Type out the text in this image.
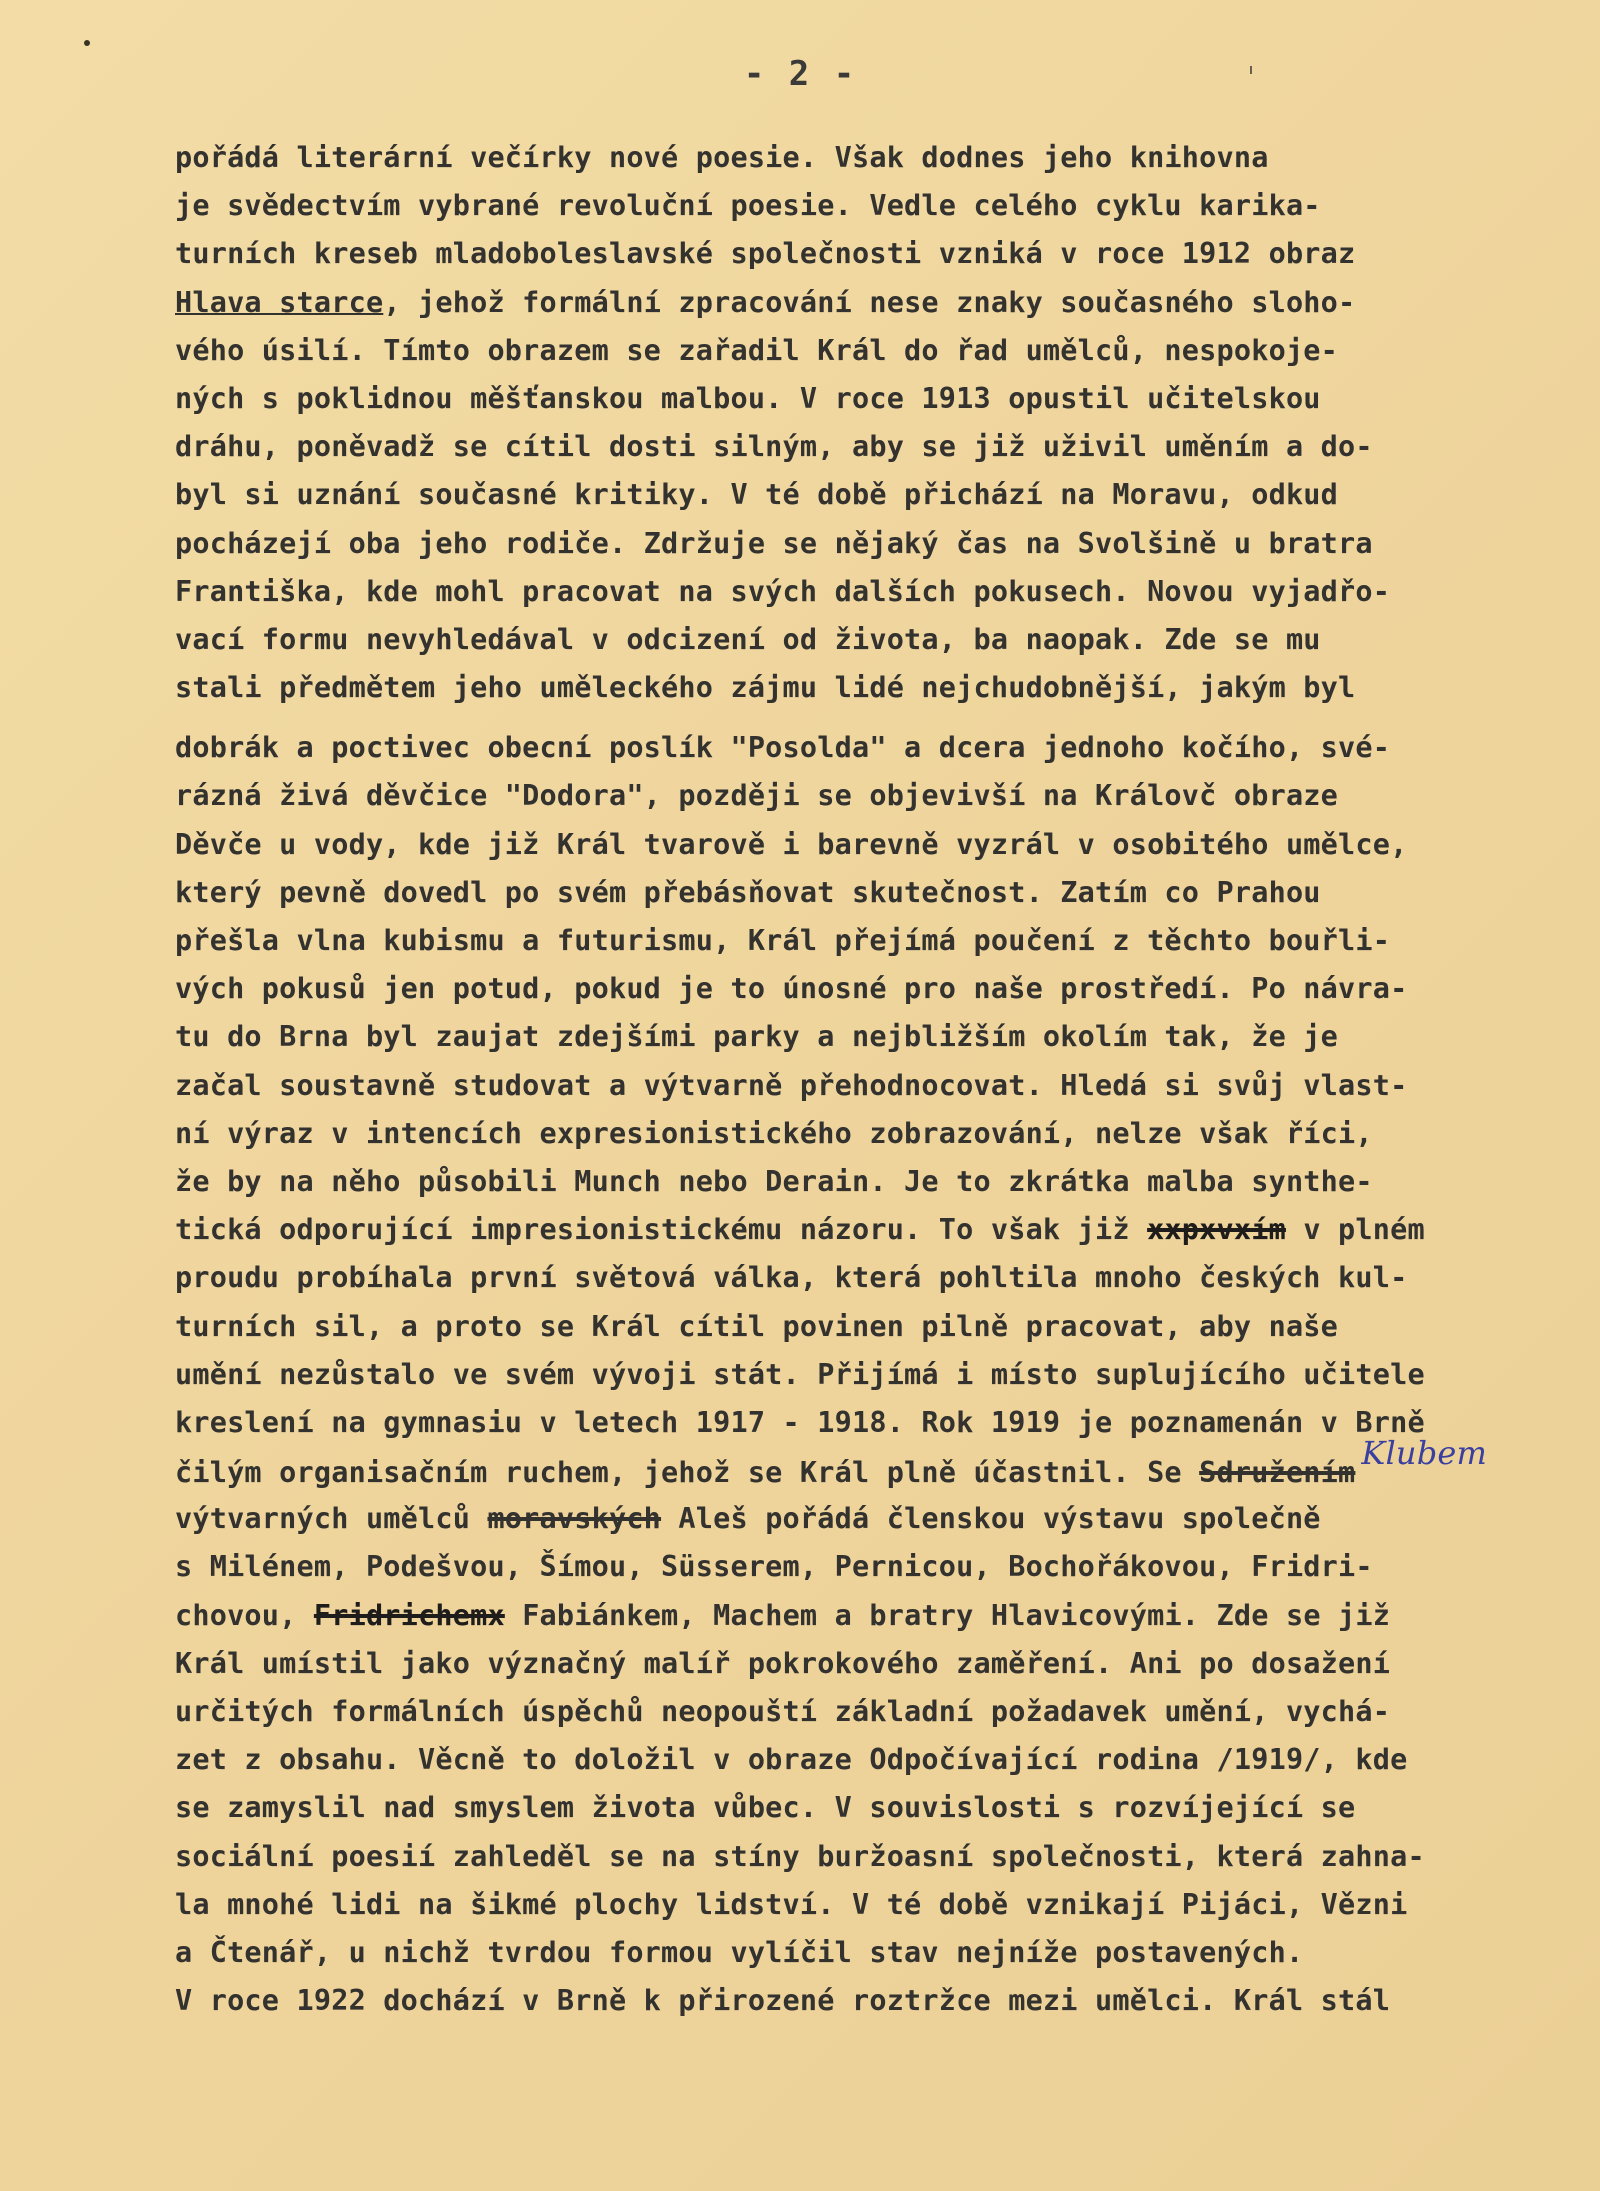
- 2 -
pořádá literární večírky nové poesie. Však dodnes jeho knihovna
je svědectvím vybrané revoluční poesie. Vedle celého cyklu karika-
turních kreseb mladoboleslavské společnosti vzniká v roce 1912 obraz
Hlava starce, jehož formální zpracování nese znaky současného sloho-
vého úsilí. Tímto obrazem se zařadil Král do řad umělců, nespokoje-
ných s poklidnou měšťanskou malbou. V roce 1913 opustil učitelskou
dráhu, poněvadž se cítil dosti silným, aby se již uživil uměním a do-
byl si uznání současné kritiky. V té době přichází na Moravu, odkud
pocházejí oba jeho rodiče. Zdržuje se nějaký čas na Svolšině u bratra
Františka, kde mohl pracovat na svých dalších pokusech. Novou vyjadřo-
vací formu nevyhledával v odcizení od života, ba naopak. Zde se mu
stali předmětem jeho uměleckého zájmu lidé nejchudobnější, jakým byl
dobrák a poctivec obecní poslík "Posolda" a dcera jednoho kočího, své-
rázná živá děvčice "Dodora", později se objevivší na Královč obraze
Děvče u vody, kde již Král tvarově i barevně vyzrál v osobitého umělce,
který pevně dovedl po svém přebásňovat skutečnost. Zatím co Prahou
přešla vlna kubismu a futurismu, Král přejímá poučení z těchto bouřli-
vých pokusů jen potud, pokud je to únosné pro naše prostředí. Po návra-
tu do Brna byl zaujat zdejšími parky a nejbližším okolím tak, že je
začal soustavně studovat a výtvarně přehodnocovat. Hledá si svůj vlast-
ní výraz v intencích expresionistického zobrazování, nelze však říci,
že by na něho působili Munch nebo Derain. Je to zkrátka malba synthe-
tická odporující impresionistickému názoru. To však již xxpxvxím v plném
proudu probíhala první světová válka, která pohltila mnoho českých kul-
turních sil, a proto se Král cítil povinen pilně pracovat, aby naše
umění nezůstalo ve svém vývoji stát. Přijímá i místo suplujícího učitele
kreslení na gymnasiu v letech 1917 - 1918. Rok 1919 je poznamenán v Brně
čilým organisačním ruchem, jehož se Král plně účastnil. Se SdruženímKlubem
výtvarných umělců moravských Aleš pořádá členskou výstavu společně
s Milénem, Podešvou, Šímou, Süsserem, Pernicou, Bochořákovou, Fridri-
chovou, Fridrichemx Fabiánkem, Machem a bratry Hlavicovými. Zde se již
Král umístil jako význačný malíř pokrokového zaměření. Ani po dosažení
určitých formálních úspěchů neopouští základní požadavek umění, vychá-
zet z obsahu. Věcně to doložil v obraze Odpočívající rodina /1919/, kde
se zamyslil nad smyslem života vůbec. V souvislosti s rozvíjející se
sociální poesií zahleděl se na stíny buržoasní společnosti, která zahna-
la mnohé lidi na šikmé plochy lidství. V té době vznikají Pijáci, Vězni
a Čtenář, u nichž tvrdou formou vylíčil stav nejníže postavených.
V roce 1922 dochází v Brně k přirozené roztržce mezi umělci. Král stál
